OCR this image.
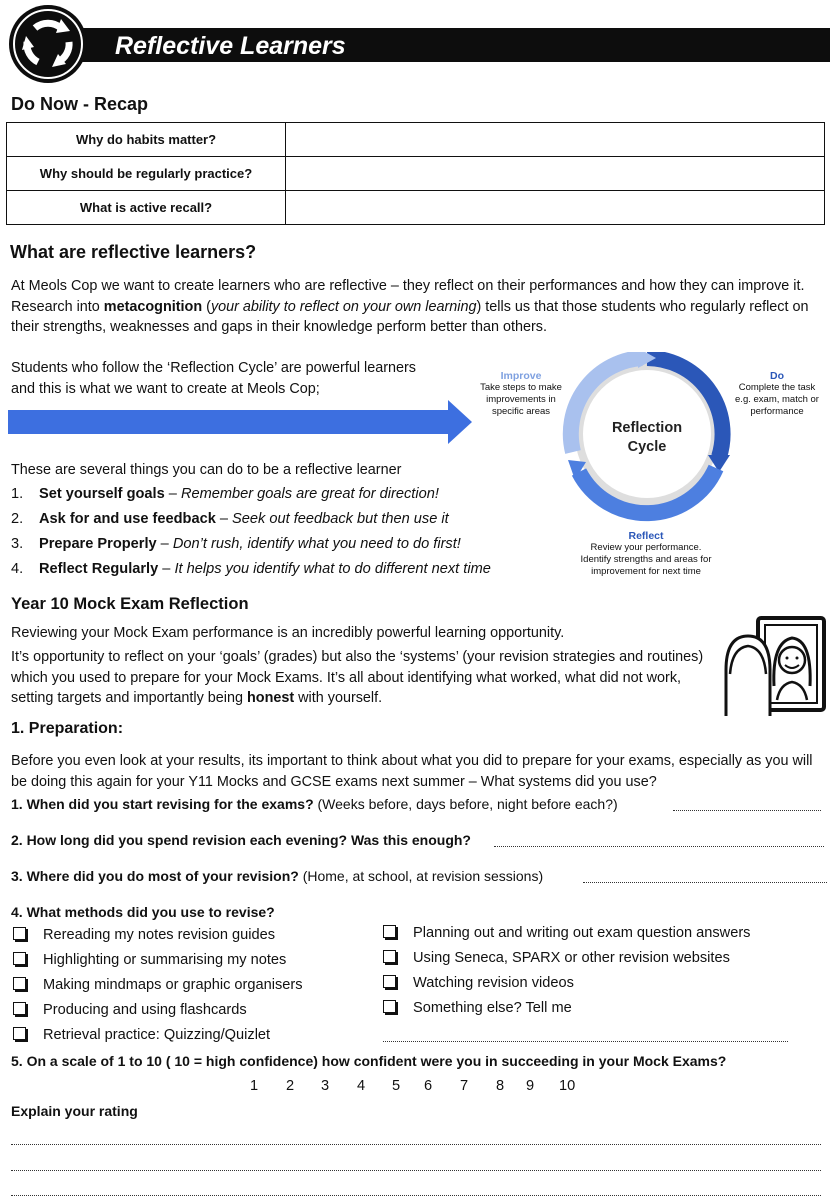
Reflective Learners
Do Now - Recap
Why do habits matter?	
Why should be regularly practice?	
What is active recall?	
What are reflective learners?
At Meols Cop we want to create learners who are reflective – they reflect on their performances and how they can improve it. Research into metacognition (your ability to reflect on your own learning) tells us that those students who regularly reflect on their strengths, weaknesses and gaps in their knowledge perform better than others.
Students who follow the ‘Reflection Cycle’ are powerful learners and this is what we want to create at Meols Cop;
These are several things you can do to be a reflective learner
1.	Set yourself goals – Remember goals are great for direction!
2.	Ask for and use feedback – Seek out feedback but then use it
3.	Prepare Properly – Don’t rush, identify what you need to do first!
4.	Reflect Regularly – It helps you identify what to do different next time
Reflection
Cycle
Improve
Take steps to make
improvements in
specific areas
Do
Complete the task
e.g. exam, match or
performance
Reflect
Review your performance.
Identify strengths and areas for
improvement for next time
Year 10 Mock Exam Reflection
Reviewing your Mock Exam performance is an incredibly powerful learning opportunity.
It’s opportunity to reflect on your ‘goals’ (grades) but also the ‘systems’ (your revision strategies and routines) which you used to prepare for your Mock Exams. It’s all about identifying what worked, what did not work, setting targets and importantly being honest with yourself.
1. Preparation:
Before you even look at your results, its important to think about what you did to prepare for your exams, especially as you will be doing this again for your Y11 Mocks and GCSE exams next summer – What systems did you use?
1. When did you start revising for the exams? (Weeks before, days before, night before each?)
2. How long did you spend revision each evening? Was this enough?
3. Where did you do most of your revision? (Home, at school, at revision sessions)
4. What methods did you use to revise?
Rereading my notes revision guides
Highlighting or summarising my notes
Making mindmaps or graphic organisers
Producing and using flashcards
Retrieval practice: Quizzing/Quizlet
Planning out and writing out exam question answers
Using Seneca, SPARX or other revision websites
Watching revision videos
Something else? Tell me
5. On a scale of 1 to 10 ( 10 = high confidence) how confident were you in succeeding in your Mock Exams?
1 2 3 4 5 6 7 8 9 10
Explain your rating
